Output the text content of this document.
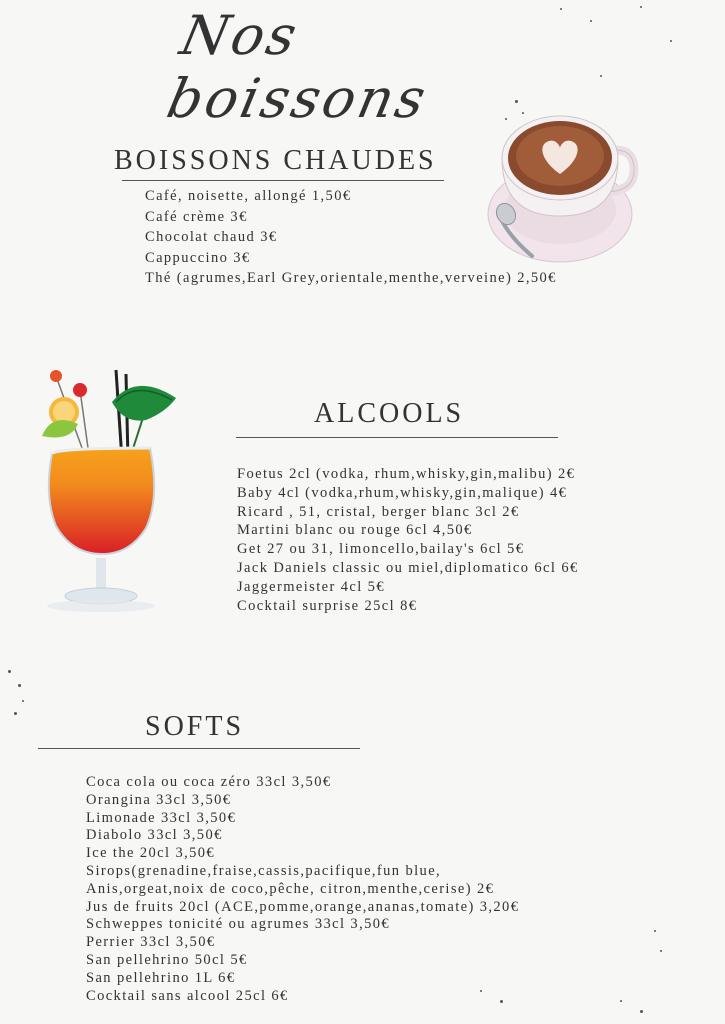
Nos boissons
BOISSONS CHAUDES
Café, noisette, allongé 1,50€
Café crème 3€
Chocolat chaud 3€
Cappuccino 3€
Thé (agrumes,Earl Grey,orientale,menthe,verveine) 2,50€
ALCOOLS
Foetus 2cl (vodka, rhum,whisky,gin,malibu) 2€
Baby 4cl (vodka,rhum,whisky,gin,malique) 4€
Ricard , 51, cristal, berger blanc 3cl 2€
Martini blanc ou rouge 6cl 4,50€
Get 27 ou 31, limoncello,bailay's 6cl 5€
Jack Daniels classic ou miel,diplomatico 6cl 6€
Jaggermeister 4cl 5€
Cocktail surprise 25cl 8€
SOFTS
Coca cola ou coca zéro 33cl 3,50€
Orangina 33cl 3,50€
Limonade 33cl 3,50€
Diabolo 33cl 3,50€
Ice the 20cl 3,50€
Sirops(grenadine,fraise,cassis,pacifique,fun blue,
Anis,orgeat,noix de coco,pêche, citron,menthe,cerise) 2€
Jus de fruits 20cl (ACE,pomme,orange,ananas,tomate) 3,20€
Schweppes tonicité ou agrumes 33cl 3,50€
Perrier 33cl 3,50€
San pellehrino 50cl 5€
San pellehrino 1L 6€
Cocktail sans alcool 25cl 6€
